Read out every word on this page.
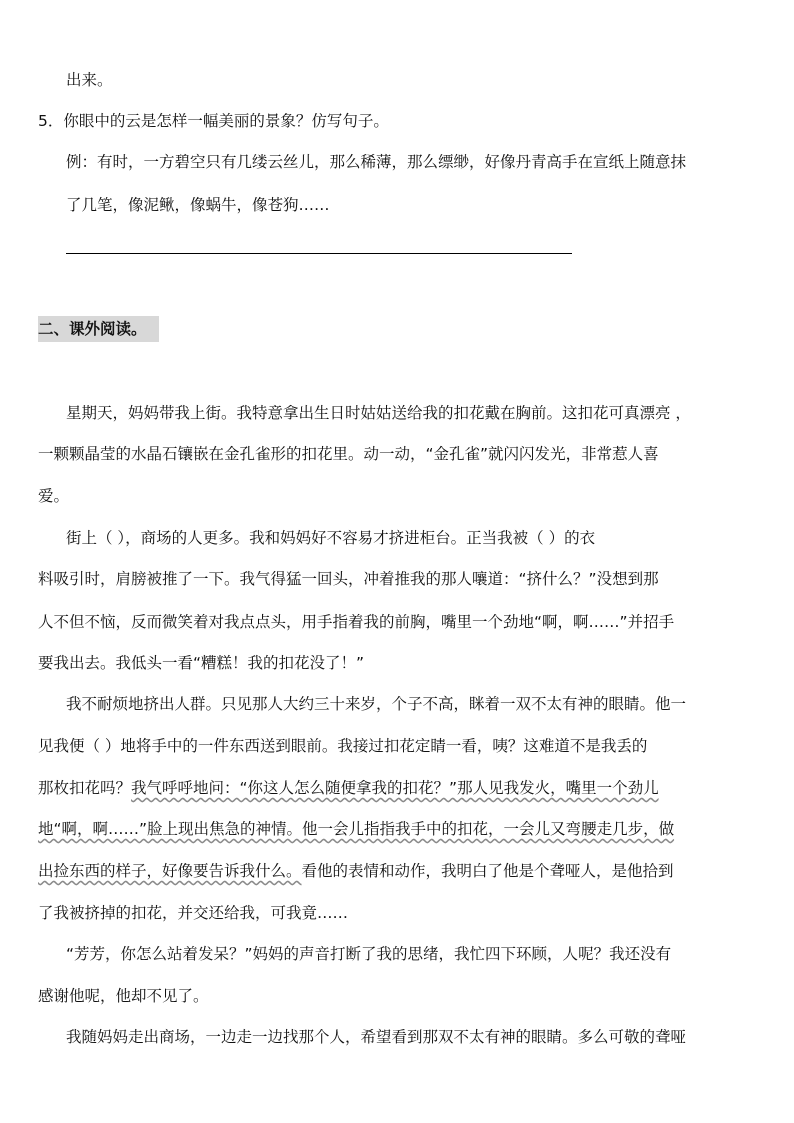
出来。
5．你眼中的云是怎样一幅美丽的景象？仿写句子。
例：有时，一方碧空只有几缕云丝儿，那么稀薄，那么缥缈，好像丹青高手在宣纸上随意抹
了几笔，像泥鳅，像蜗牛，像苍狗……
二、课外阅读。
星期天，妈妈带我上街。我特意拿出生日时姑姑送给我的扣花戴在胸前。这扣花可真漂亮 ，
一颗颗晶莹的水晶石镶嵌在金孔雀形的扣花里。动一动，“金孔雀”就闪闪发光，非常惹人喜
爱。
街上（ ），商场的人更多。我和妈妈好不容易才挤进柜台。正当我被（ ）的衣
料吸引时，肩膀被推了一下。我气得猛一回头，冲着推我的那人嚷道：“挤什么？”没想到那
人不但不恼，反而微笑着对我点点头，用手指着我的前胸，嘴里一个劲地“啊，啊……”并招手
要我出去。我低头一看“糟糕！我的扣花没了！”
我不耐烦地挤出人群。只见那人大约三十来岁，个子不高，眯着一双不太有神的眼睛。他一
见我便（ ）地将手中的一件东西送到眼前。我接过扣花定睛一看，咦？这难道不是我丢的
那枚扣花吗？我气呼呼地问：“你这人怎么随便拿我的扣花？”那人见我发火，嘴里一个劲儿
地“啊，啊……”脸上现出焦急的神情。他一会儿指指我手中的扣花，一会儿又弯腰走几步，做
出捡东西的样子，好像要告诉我什么。看他的表情和动作，我明白了他是个聋哑人，是他拾到
了我被挤掉的扣花，并交还给我，可我竟……
“芳芳，你怎么站着发呆？”妈妈的声音打断了我的思绪，我忙四下环顾，人呢？我还没有
感谢他呢，他却不见了。
我随妈妈走出商场，一边走一边找那个人，希望看到那双不太有神的眼睛。多么可敬的聋哑
